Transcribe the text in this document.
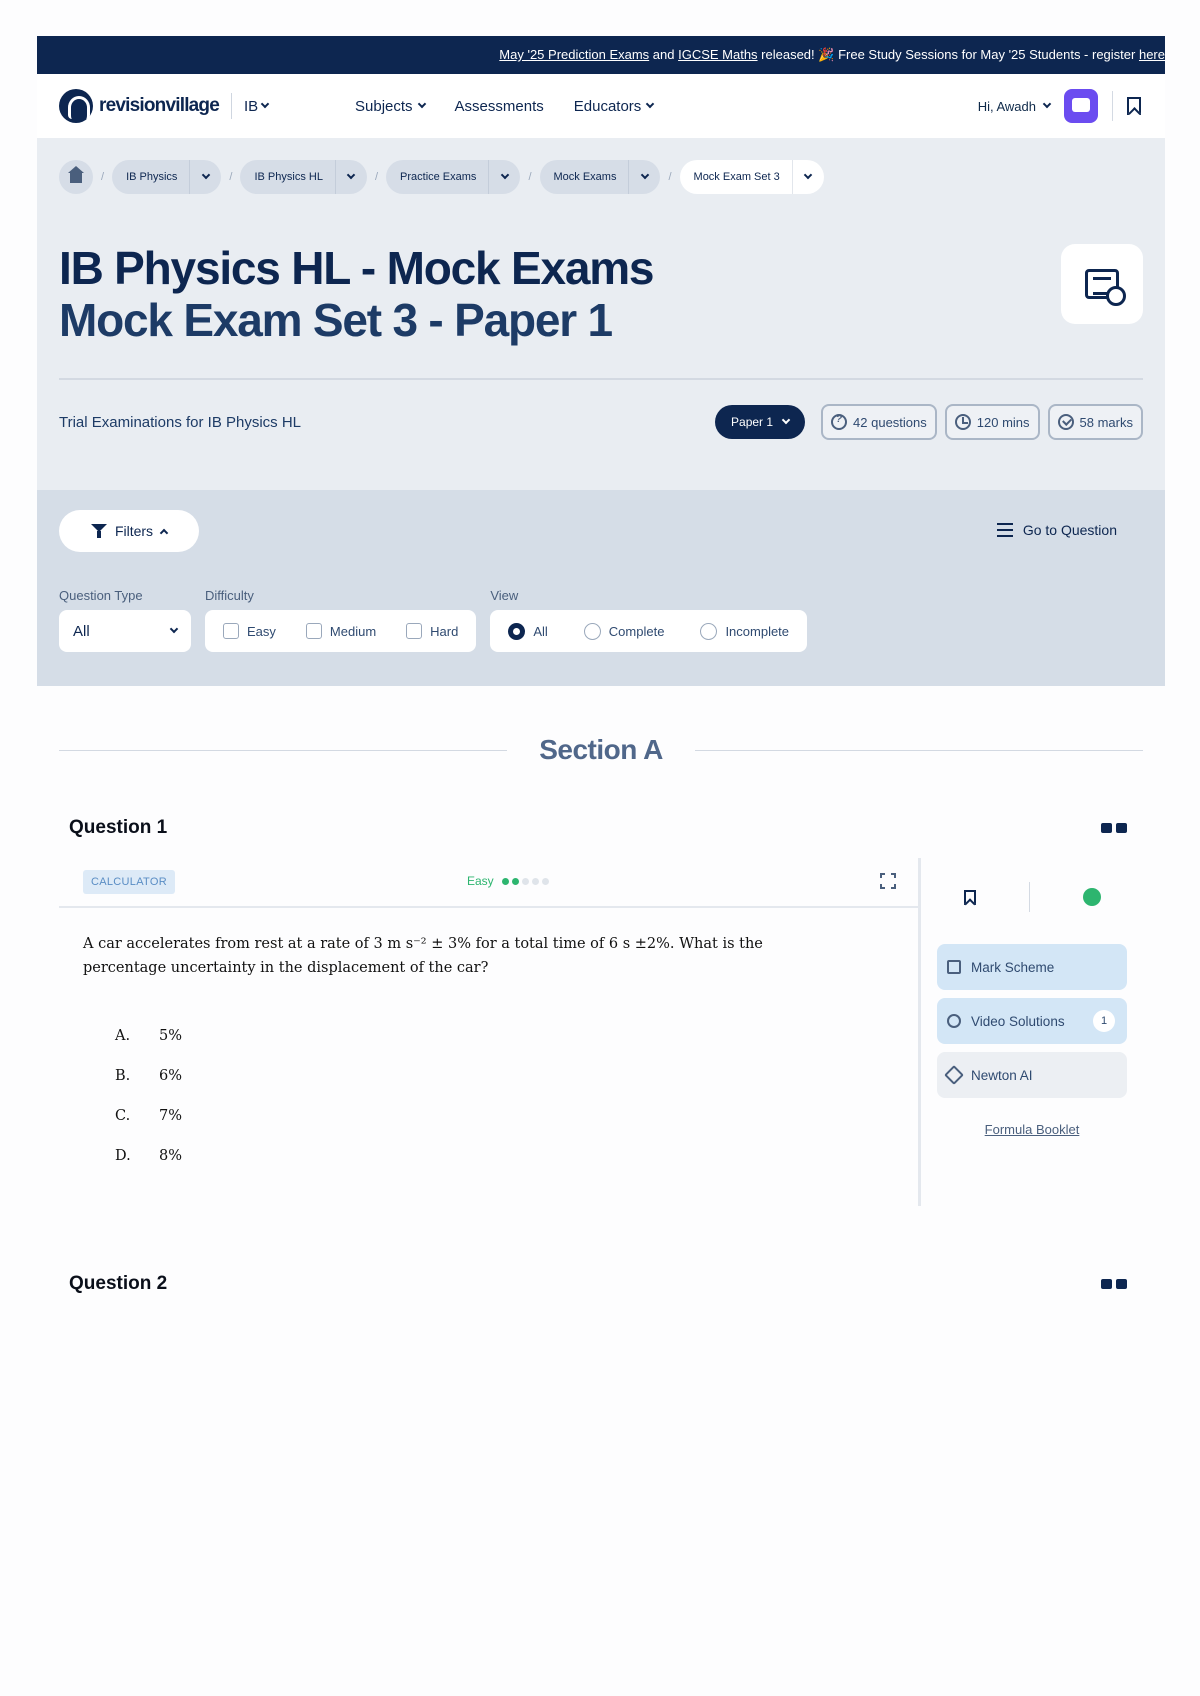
May '25 Prediction Exams and IGCSE Maths released! 🎉 Free Study Sessions for May '25 Students - register here
revisionvillage IB	Subjects	Assessments Educators	Hi, Awadh
/ IB Physics	/ IB Physics HL	/ Practice Exams	/ Mock Exams	/ Mock Exam Set 3
IB Physics HL - Mock Exams
Mock Exam Set 3 - Paper 1
Trial Examinations for IB Physics HL	Paper 1
?	42 questions	120 mins	58 marks
Filters	Go to Question
Question Type
All
Difficulty
Easy	Medium	Hard
View
All	Complete	Incomplete
Section A
Question 1
CALCULATOR	Easy

A car accelerates from rest at a rate of 3 m s⁻² ± 3% for a total time of 6 s ±2%. What is the percentage uncertainty in the displacement of the car?

A.	5%
B.	6%
C.	7%
D. 8%
Mark Scheme
Video Solutions	1
Newton AI
Formula Booklet
Question 2
